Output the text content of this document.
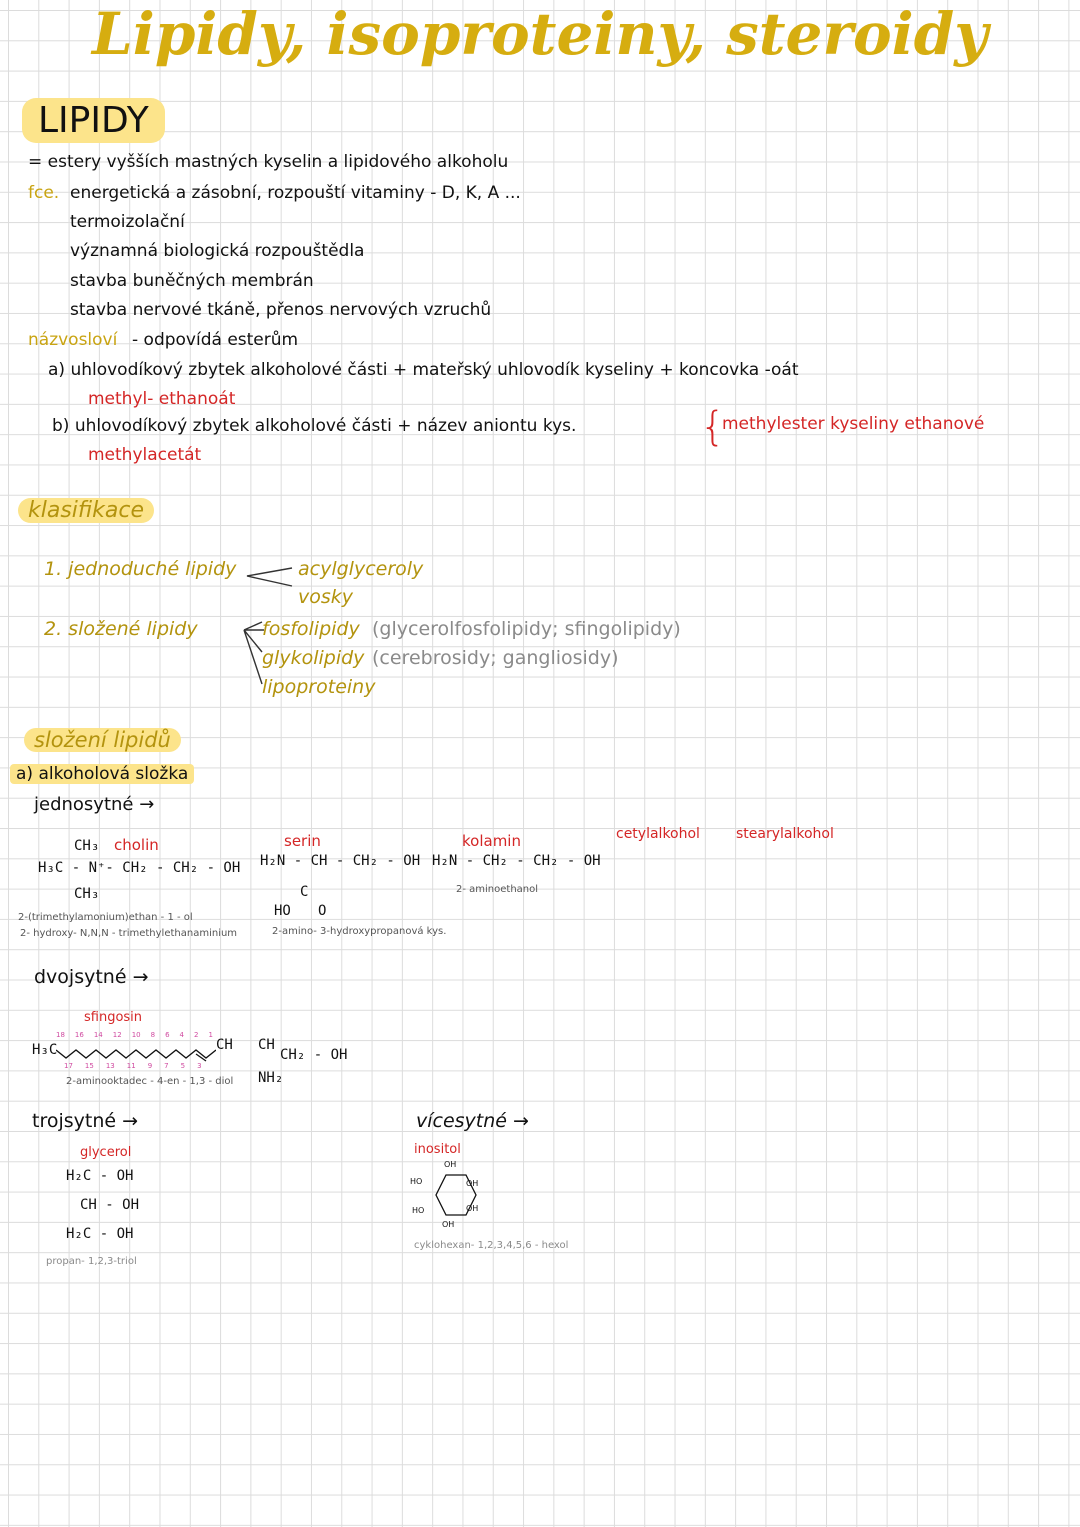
Lipidy, isoproteiny, steroidy
LIPIDY
= estery vyšších mastných kyselin a lipidového alkoholu
fce. energetická a zásobní, rozpouští vitaminy - D, K, A ...
termoizolační
významná biologická rozpouštědla
stavba buněčných membrán
stavba nervové tkáně, přenos nervových vzruchů
názvosloví - odpovídá esterům
a) uhlovodíkový zbytek alkoholové části + mateřský uhlovodík kyseliny + koncovka -oát
methyl- ethanoát
b) uhlovodíkový zbytek alkoholové části + název aniontu kys.
methylacetát
{
methylester kyseliny ethanové
klasifikace
1. jednoduché lipidy	acylglyceroly
vosky
2. složené lipidy	fosfolipidy (glycerolfosfolipidy; sfingolipidy)
glykolipidy (cerebrosidy; gangliosidy)
lipoproteiny
složení lipidů
a) alkoholová složka
jednosytné →
CH₃ cholin
H₃C - N⁺- CH₂ - CH₂ - OH
CH₃
2-(trimethylamonium)ethan - 1 - ol
2- hydroxy- N,N,N - trimethylethanaminium
serin
H₂N - CH - CH₂ - OH
C
HO O
2-amino- 3-hydroxypropanová kys.
kolamin
H₂N - CH₂ - CH₂ - OH
2- aminoethanol
cetylalkohol	stearylalkohol
dvojsytné →
sfingosin
H₃C	CH CH
CH₂ - OH
NH₂
2-aminooktadec - 4-en - 1,3 - diol
18 16 14 12 10 8 6 4 2 1
17 15 13 11 9 7 5 3
trojsytné →
glycerol
H₂C - OH
CH - OH
H₂C - OH
propan- 1,2,3-triol
vícesytné →
inositol
OH
HO	OH
HO	OH
OH
cyklohexan- 1,2,3,4,5,6 - hexol
